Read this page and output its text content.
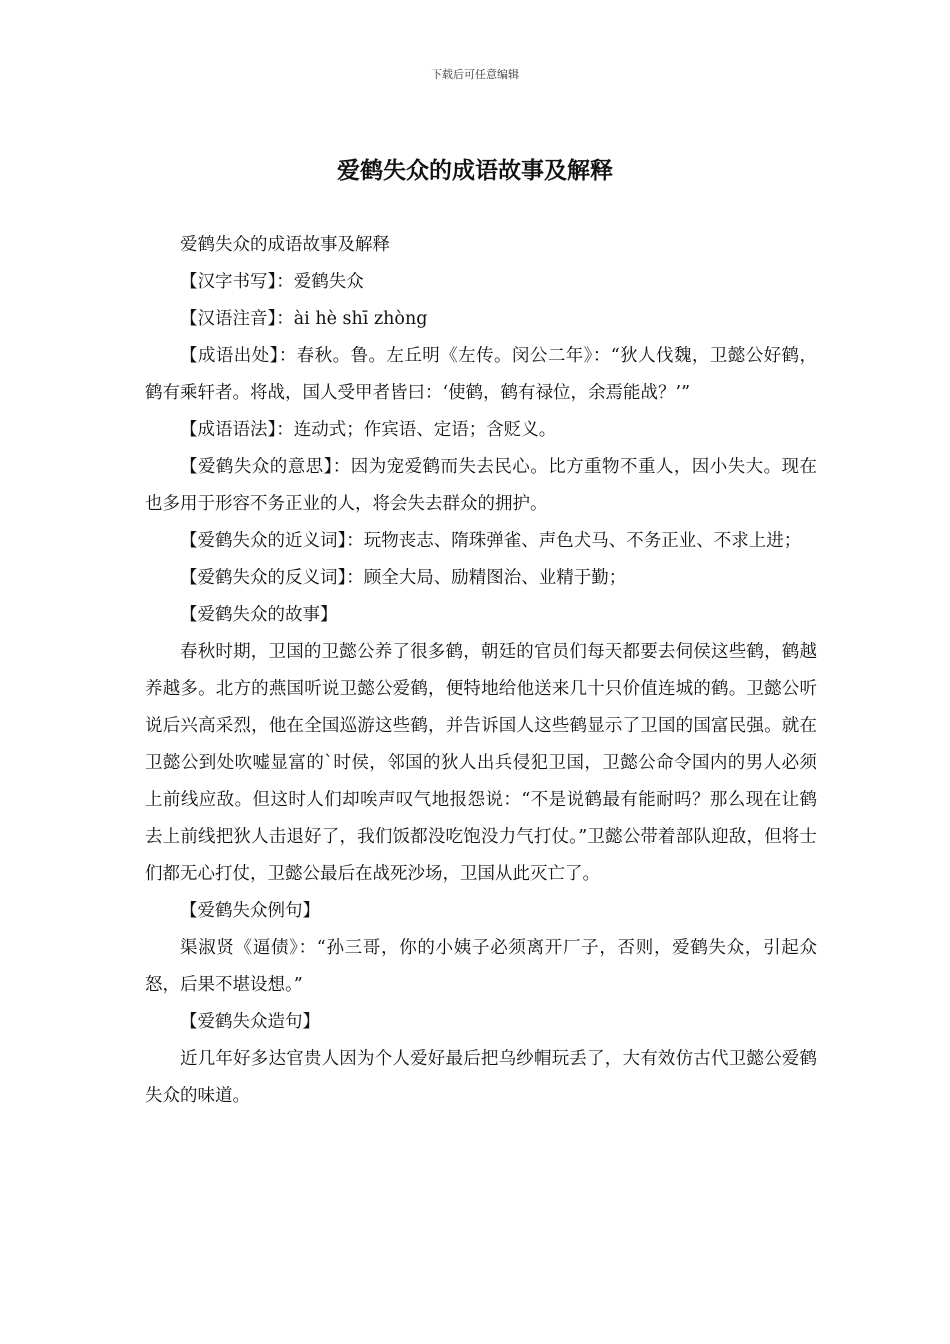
下载后可任意编辑
爱鹤失众的成语故事及解释

爱鹤失众的成语故事及解释

【汉字书写】：爱鹤失众

【汉语注音】：ài hè shī zhòng

【成语出处】：春秋。鲁。左丘明《左传。闵公二年》：“狄人伐魏，卫懿公好鹤，鹤有乘轩者。将战，国人受甲者皆曰：‘使鹤，鹤有禄位，余焉能战？’”

【成语语法】：连动式；作宾语、定语；含贬义。

【爱鹤失众的意思】：因为宠爱鹤而失去民心。比方重物不重人，因小失大。现在也多用于形容不务正业的人，将会失去群众的拥护。

【爱鹤失众的近义词】：玩物丧志、隋珠弹雀、声色犬马、不务正业、不求上进；

【爱鹤失众的反义词】：顾全大局、励精图治、业精于勤；

【爱鹤失众的故事】

春秋时期，卫国的卫懿公养了很多鹤，朝廷的官员们每天都要去伺侯这些鹤，鹤越养越多。北方的燕国听说卫懿公爱鹤，便特地给他送来几十只价值连城的鹤。卫懿公听说后兴高采烈，他在全国巡游这些鹤，并告诉国人这些鹤显示了卫国的国富民强。就在卫懿公到处吹嘘显富的`时侯，邻国的狄人出兵侵犯卫国，卫懿公命令国内的男人必须上前线应敌。但这时人们却唉声叹气地报怨说：“不是说鹤最有能耐吗？那么现在让鹤去上前线把狄人击退好了，我们饭都没吃饱没力气打仗。”卫懿公带着部队迎敌，但将士们都无心打仗，卫懿公最后在战死沙场，卫国从此灭亡了。

【爱鹤失众例句】

渠淑贤《逼债》：“孙三哥，你的小姨子必须离开厂子，否则，爱鹤失众，引起众怒，后果不堪设想。”

【爱鹤失众造句】

近几年好多达官贵人因为个人爱好最后把乌纱帽玩丢了，大有效仿古代卫懿公爱鹤失众的味道。
